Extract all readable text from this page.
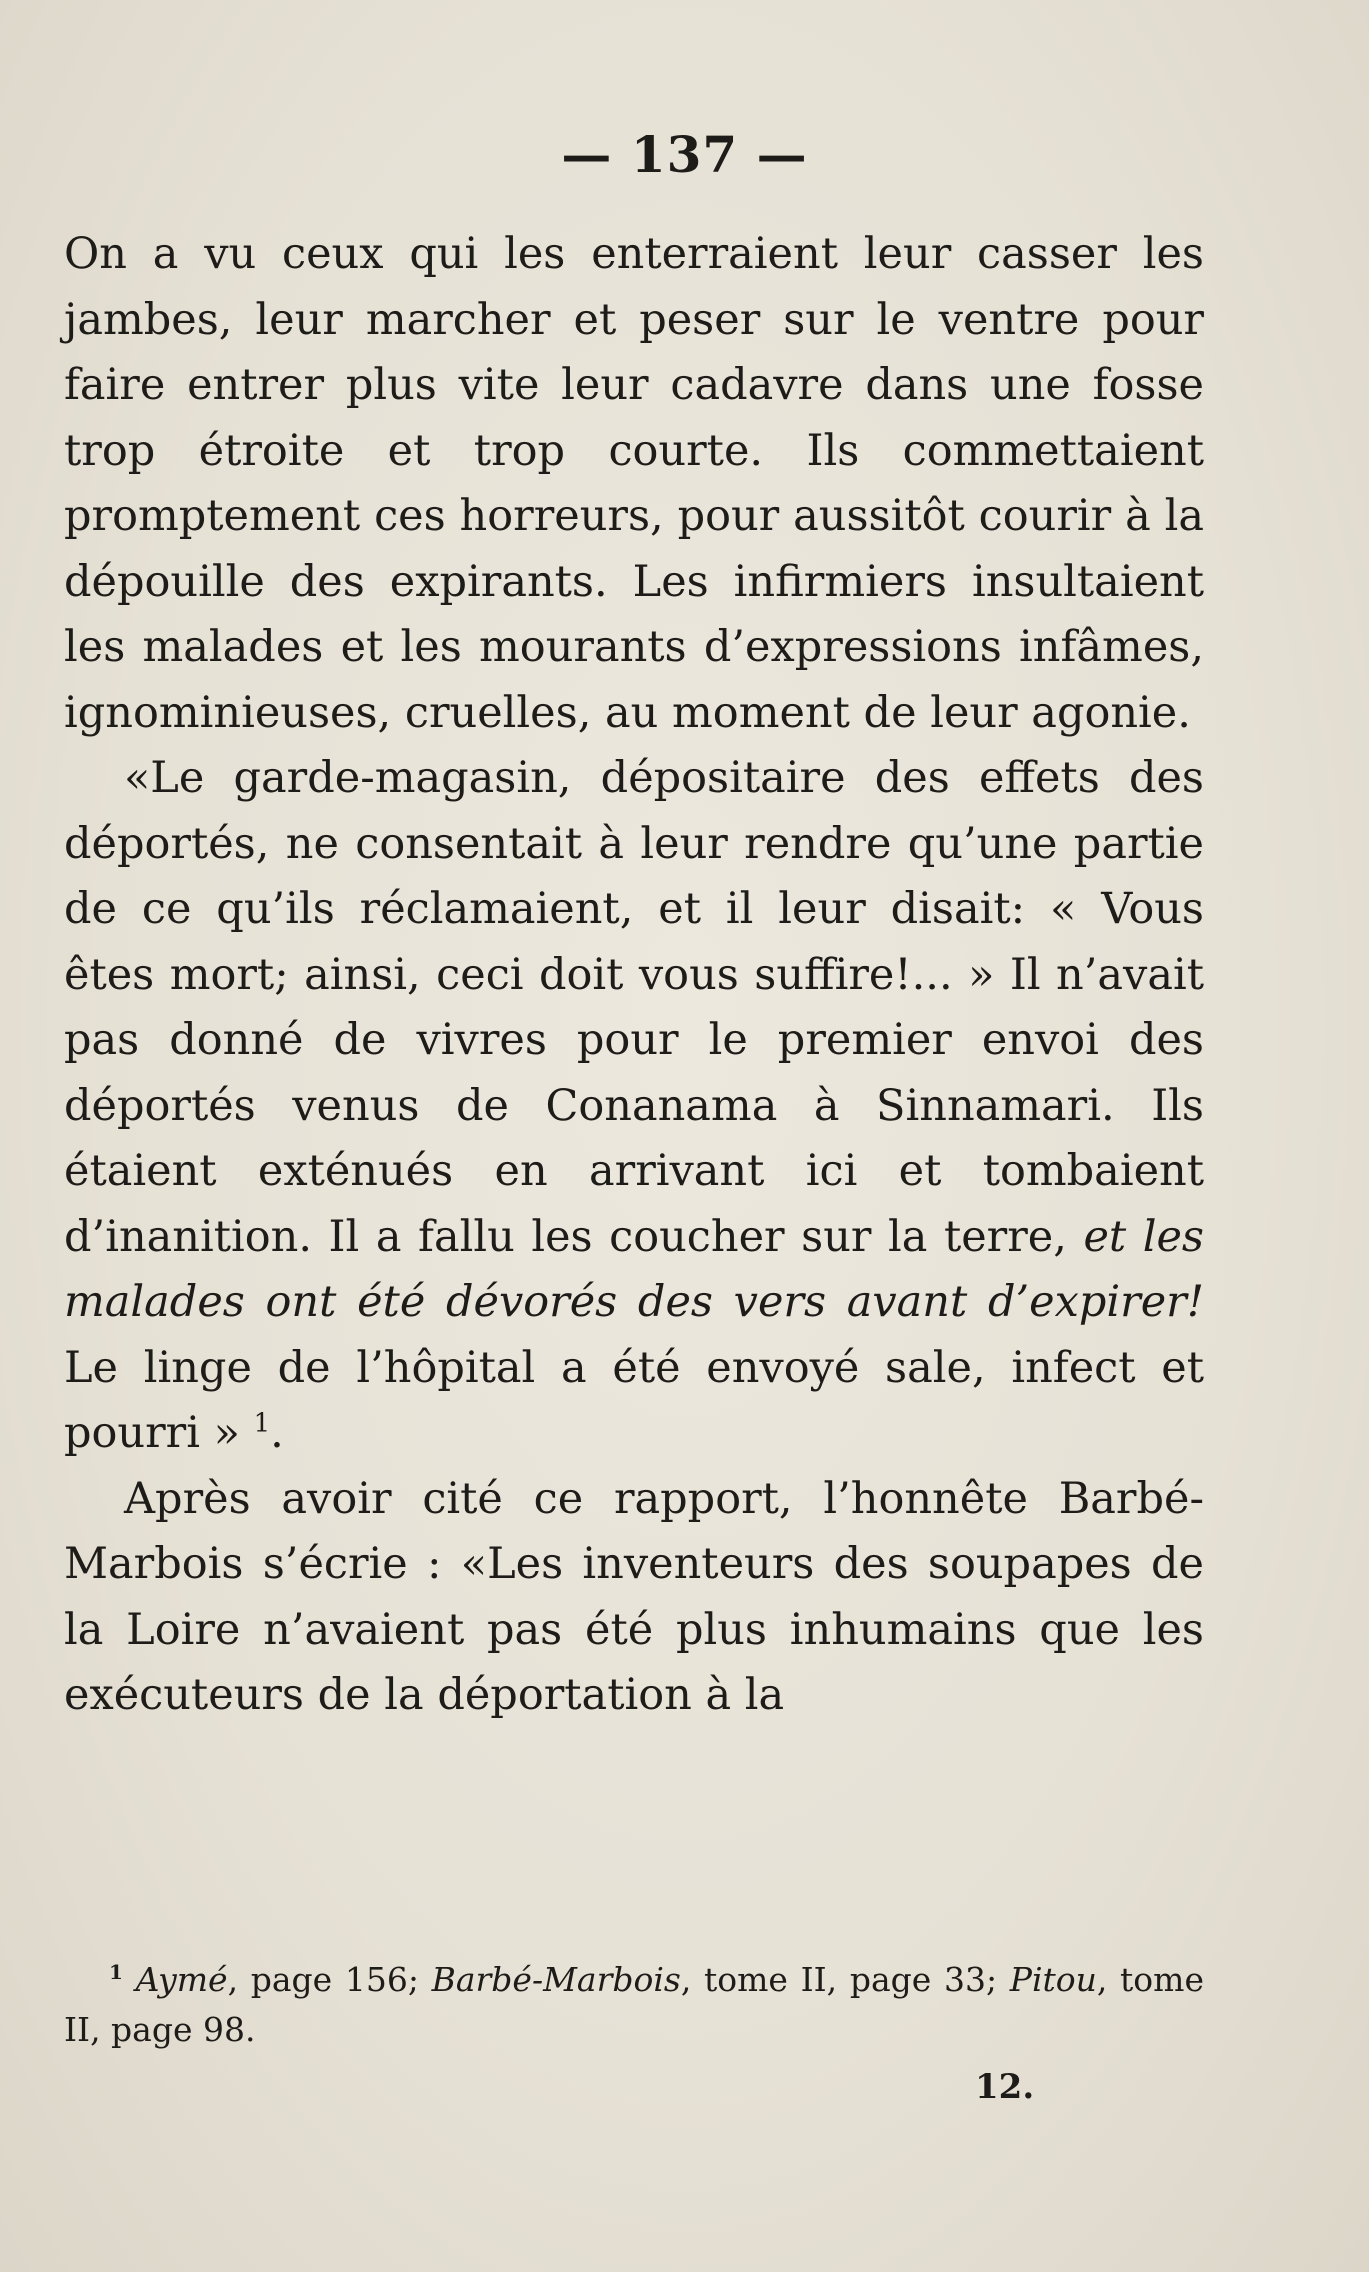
— 137 —

On a vu ceux qui les enterraient leur casser les jambes, leur marcher et peser sur le ventre pour faire entrer plus vite leur cadavre dans une fosse trop étroite et trop courte. Ils commettaient promptement ces horreurs, pour aussitôt courir à la dépouille des expirants. Les infirmiers insultaient les malades et les mourants d’expressions infâmes, ignominieuses, cruelles, au moment de leur agonie.

«Le garde-magasin, dépositaire des effets des déportés, ne consentait à leur rendre qu’une partie de ce qu’ils réclamaient, et il leur disait: « Vous êtes mort; ainsi, ceci doit vous suffire!... » Il n’avait pas donné de vivres pour le premier envoi des déportés venus de Conanama à Sinnamari. Ils étaient exténués en arrivant ici et tombaient d’inanition. Il a fallu les coucher sur la terre, et les malades ont été dévorés des vers avant d’expirer! Le linge de l’hôpital a été envoyé sale, infect et pourri » $^1$.

Après avoir cité ce rapport, l’honnête Barbé-Marbois s’écrie : «Les inventeurs des soupapes de la Loire n’avaient pas été plus inhumains que les exécuteurs de la déportation à la

$^1$ Aymé, page 156; Barbé-Marbois, tome II, page 33; Pitou, tome II, page 98.
12.
